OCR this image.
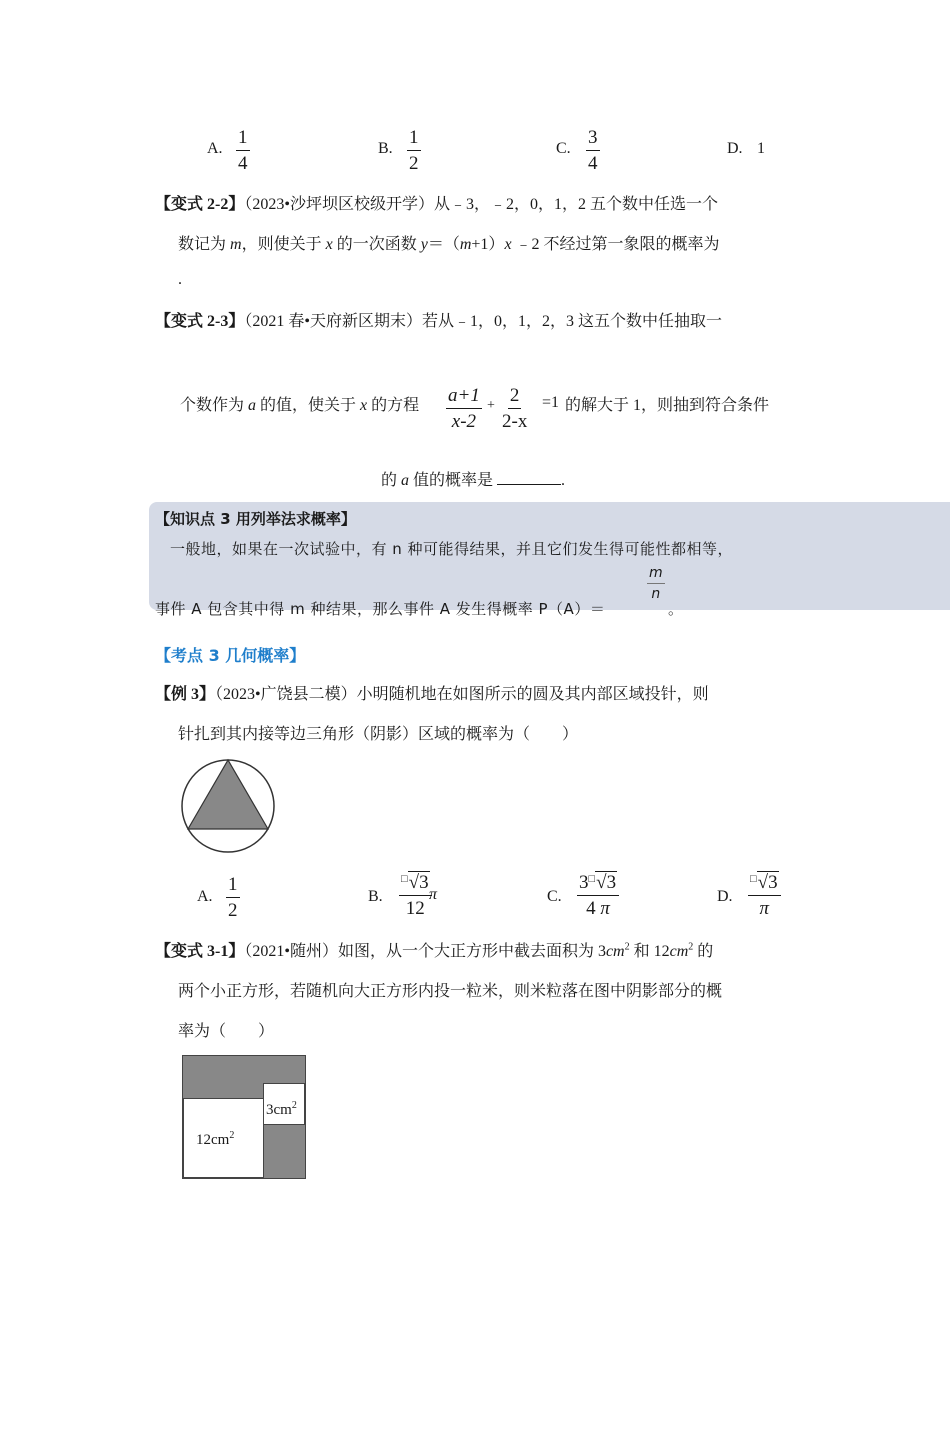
A. $\frac{1}{4}$	B. $\frac{1}{2}$	C. $\frac{3}{4}$	D. 1
【变式 2-2】（2023•沙坪坝区校级开学）从﹣3，﹣2，0，1，2 五个数中任选一个
数记为 m，则使关于 x 的一次函数 y＝（m+1）x ﹣2 不经过第一象限的概率为
.
【变式 2-3】（2021 春•天府新区期末）若从﹣1，0，1，2，3 这五个数中任抽取一
个数作为 a 的值，使关于 x 的方程 $\frac{a+1}{x-2} + \frac{2}{2-x} =1$ 的解大于 1，则抽到符合条件
的 a 值的概率是	.
【知识点 3 用列举法求概率】
一般地，如果在一次试验中，有 n 种可能得结果，并且它们发生得可能性都相等，
事件 A 包含其中得 m 种结果，那么事件 A 发生得概率 P（A）＝
$\frac{m}{n}$
。
【考点 3 几何概率】
【例 3】（2023•广饶县二模）小明随机地在如图所示的圆及其内部区域投针，则
针扎到其内接等边三角形（阴影）区域的概率为（　　）
A. $\frac{1}{2}$	B. $\frac{^□√3}{12}$
π	C. $\frac{3^□√3}{4 \pi}$	D. $\frac{^□√3}{\pi}$
【变式 3-1】（2021•随州）如图，从一个大正方形中截去面积为 $3cm^2$ 和 $12cm^2$ 的
两个小正方形，若随机向大正方形内投一粒米，则米粒落在图中阴影部分的概
率为（　　）
$3cm^2$
$12cm^2$
